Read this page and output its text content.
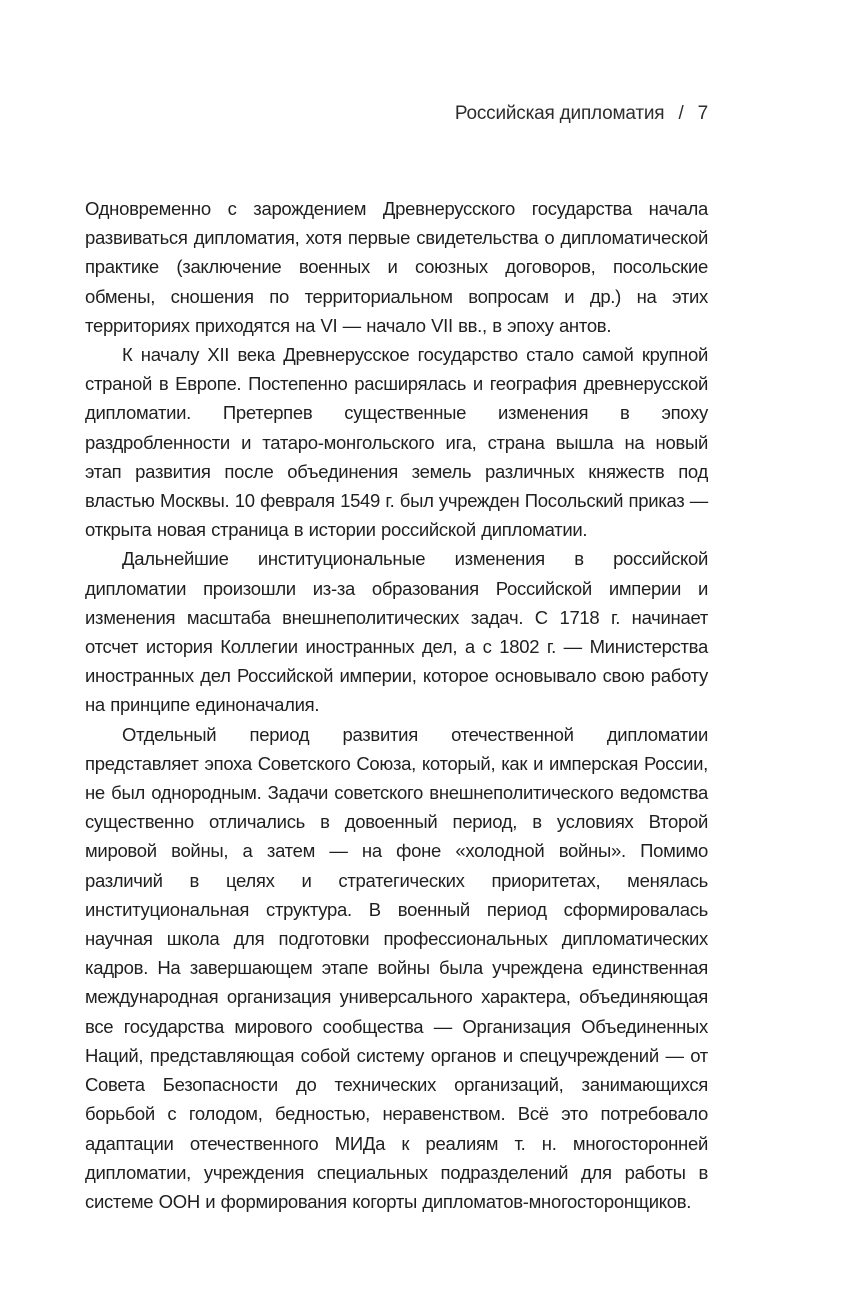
Российская дипломатия / 7

Одновременно с зарождением Древнерусского государства начала развиваться дипломатия, хотя первые свидетельства о дипломатической практике (заключение военных и союзных договоров, посольские обмены, сношения по территориальном вопросам и др.) на этих территориях приходятся на VI — начало VII вв., в эпоху антов.

К началу XII века Древнерусское государство стало самой крупной страной в Европе. Постепенно расширялась и география древнерусской дипломатии. Претерпев существенные изменения в эпоху раздробленности и татаро-монгольского ига, страна вышла на новый этап развития после объединения земель различных княжеств под властью Москвы. 10 февраля 1549 г. был учрежден Посольский приказ — открыта новая страница в истории российской дипломатии.

Дальнейшие институциональные изменения в российской дипломатии произошли из-за образования Российской империи и изменения масштаба внешнеполитических задач. С 1718 г. начинает отсчет история Коллегии иностранных дел, а с 1802 г. — Министерства иностранных дел Российской империи, которое основывало свою работу на принципе единоначалия.

Отдельный период развития отечественной дипломатии представляет эпоха Советского Союза, который, как и имперская России, не был однородным. Задачи советского внешнеполитического ведомства существенно отличались в довоенный период, в условиях Второй мировой войны, а затем — на фоне «холодной войны». Помимо различий в целях и стратегических приоритетах, менялась институциональная структура. В военный период сформировалась научная школа для подготовки профессиональных дипломатических кадров. На завершающем этапе войны была учреждена единственная международная организация универсального характера, объединяющая все государства мирового сообщества — Организация Объединенных Наций, представляющая собой систему органов и спецучреждений — от Совета Безопасности до технических организаций, занимающихся борьбой с голодом, бедностью, неравенством. Всё это потребовало адаптации отечественного МИДа к реалиям т. н. многосторонней дипломатии, учреждения специальных подразделений для работы в системе ООН и формирования когорты дипломатов-многосторонщиков.
